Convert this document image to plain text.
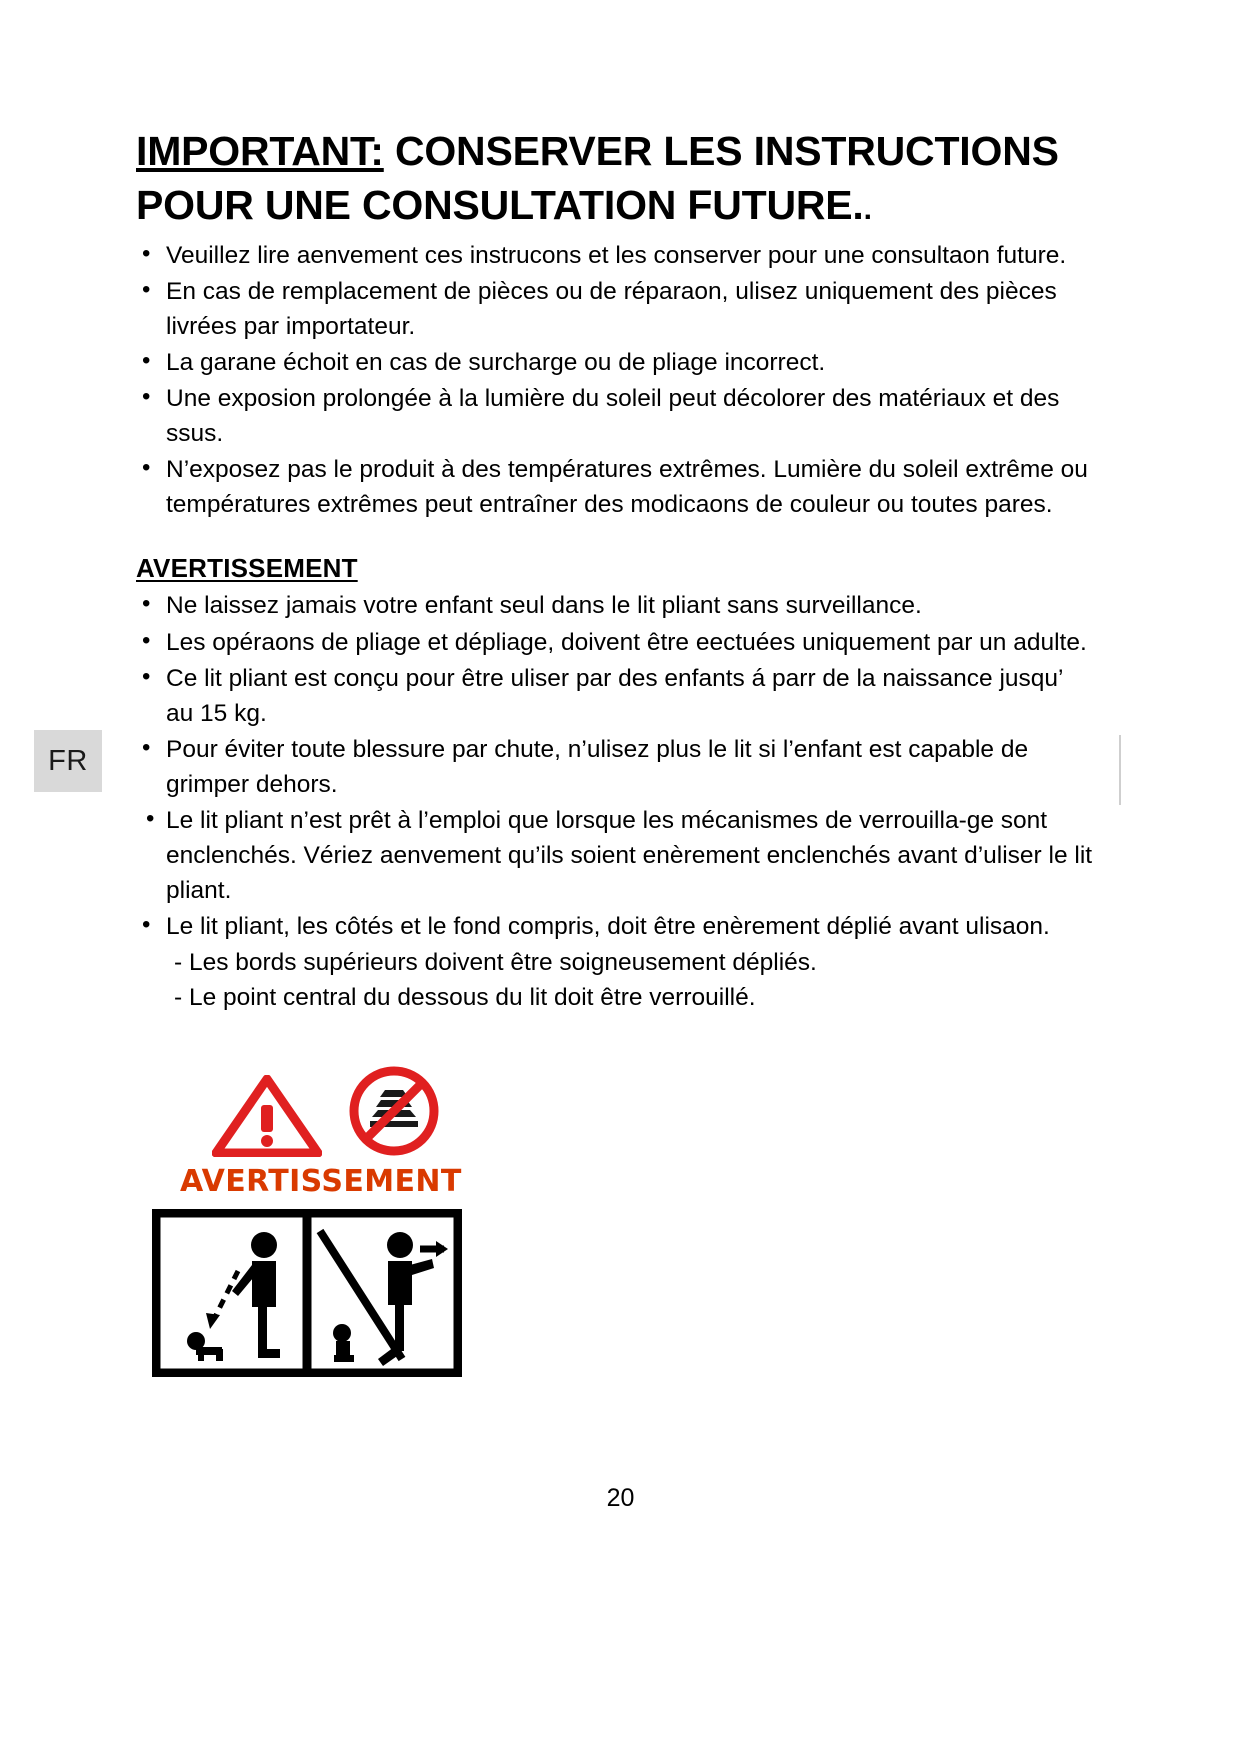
FR
IMPORTANT: CONSERVER LES INSTRUCTIONS POUR UNE CONSULTATION FUTURE..
• Veuillez lire aenvement ces instrucons et les conserver pour une consultaon future.
• En cas de remplacement de pièces ou de réparaon, ulisez uniquement des pièces livrées par importateur.
• La garane échoit en cas de surcharge ou de pliage incorrect.
• Une exposion prolongée à la lumière du soleil peut décolorer des matériaux et des ssus.
• N’exposez pas le produit à des températures extrêmes. Lumière du soleil extrême ou températures extrêmes peut entraîner des modicaons de couleur ou toutes pares.
AVERTISSEMENT
• Ne laissez jamais votre enfant seul dans le lit pliant sans surveillance.
• Les opéraons de pliage et dépliage, doivent être eectuées uniquement par un adulte.
• Ce lit pliant est conçu pour être uliser par des enfants á parr de la naissance jusqu’ au 15 kg.
• Pour éviter toute blessure par chute, n’ulisez plus le lit si l’enfant est capable de grimper dehors.
• Le lit pliant n’est prêt à l’emploi que lorsque les mécanismes de verrouilla-ge sont enclenchés. Vériez aenvement qu’ils soient enèrement enclenchés avant d’uliser le lit pliant.
• Le lit pliant, les côtés et le fond compris, doit être enèrement déplié avant ulisaon.
- Les bords supérieurs doivent être soigneusement dépliés.
- Le point central du dessous du lit doit être verrouillé.
AVERTISSEMENT
20
